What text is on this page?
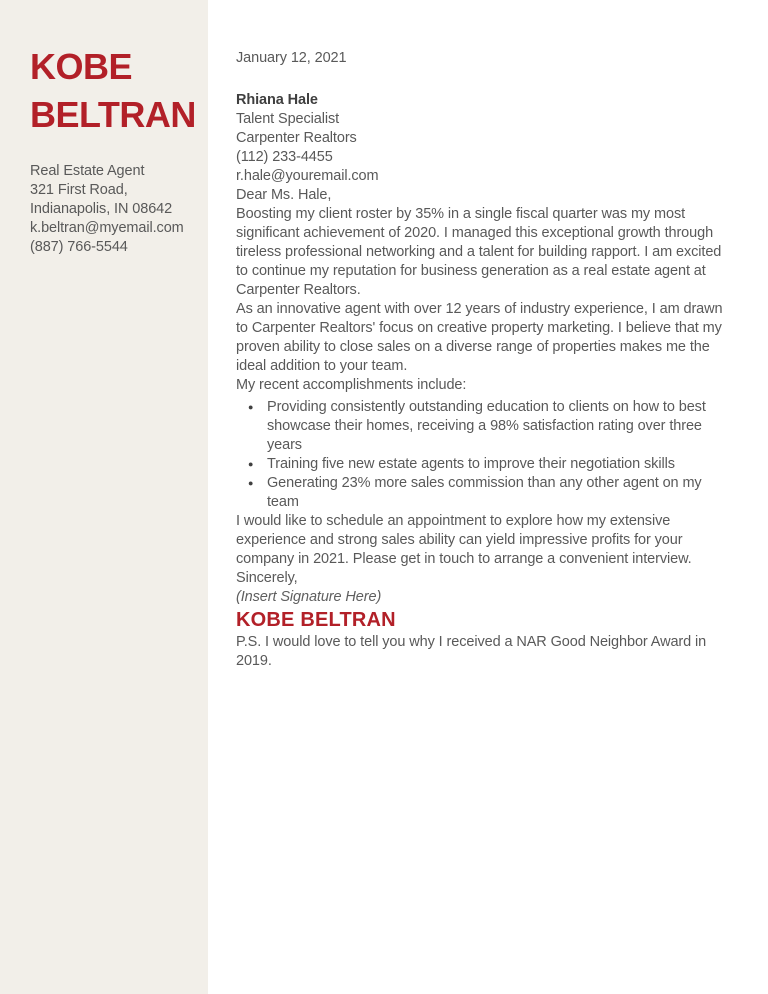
KOBE
BELTRAN
Real Estate Agent
321 First Road,
Indianapolis, IN 08642
k.beltran@myemail.com
(887) 766-5544

January 12, 2021

Rhiana Hale

Talent Specialist

Carpenter Realtors

(112) 233-4455

r.hale@youremail.com

Dear Ms. Hale,

Boosting my client roster by 35% in a single fiscal quarter was my most significant achievement of 2020. I managed this exceptional growth through tireless professional networking and a talent for building rapport. I am excited to continue my reputation for business generation as a real estate agent at Carpenter Realtors.

As an innovative agent with over 12 years of industry experience, I am drawn to Carpenter Realtors' focus on creative property marketing. I believe that my proven ability to close sales on a diverse range of properties makes me the ideal addition to your team.

My recent accomplishments include:

● Providing consistently outstanding education to clients on how to best showcase their homes, receiving a 98% satisfaction rating over three years
● Training five new estate agents to improve their negotiation skills
● Generating 23% more sales commission than any other agent on my team

I would like to schedule an appointment to explore how my extensive experience and strong sales ability can yield impressive profits for your company in 2021. Please get in touch to arrange a convenient interview.

Sincerely,

(Insert Signature Here)

KOBE BELTRAN

P.S. I would love to tell you why I received a NAR Good Neighbor Award in 2019.
